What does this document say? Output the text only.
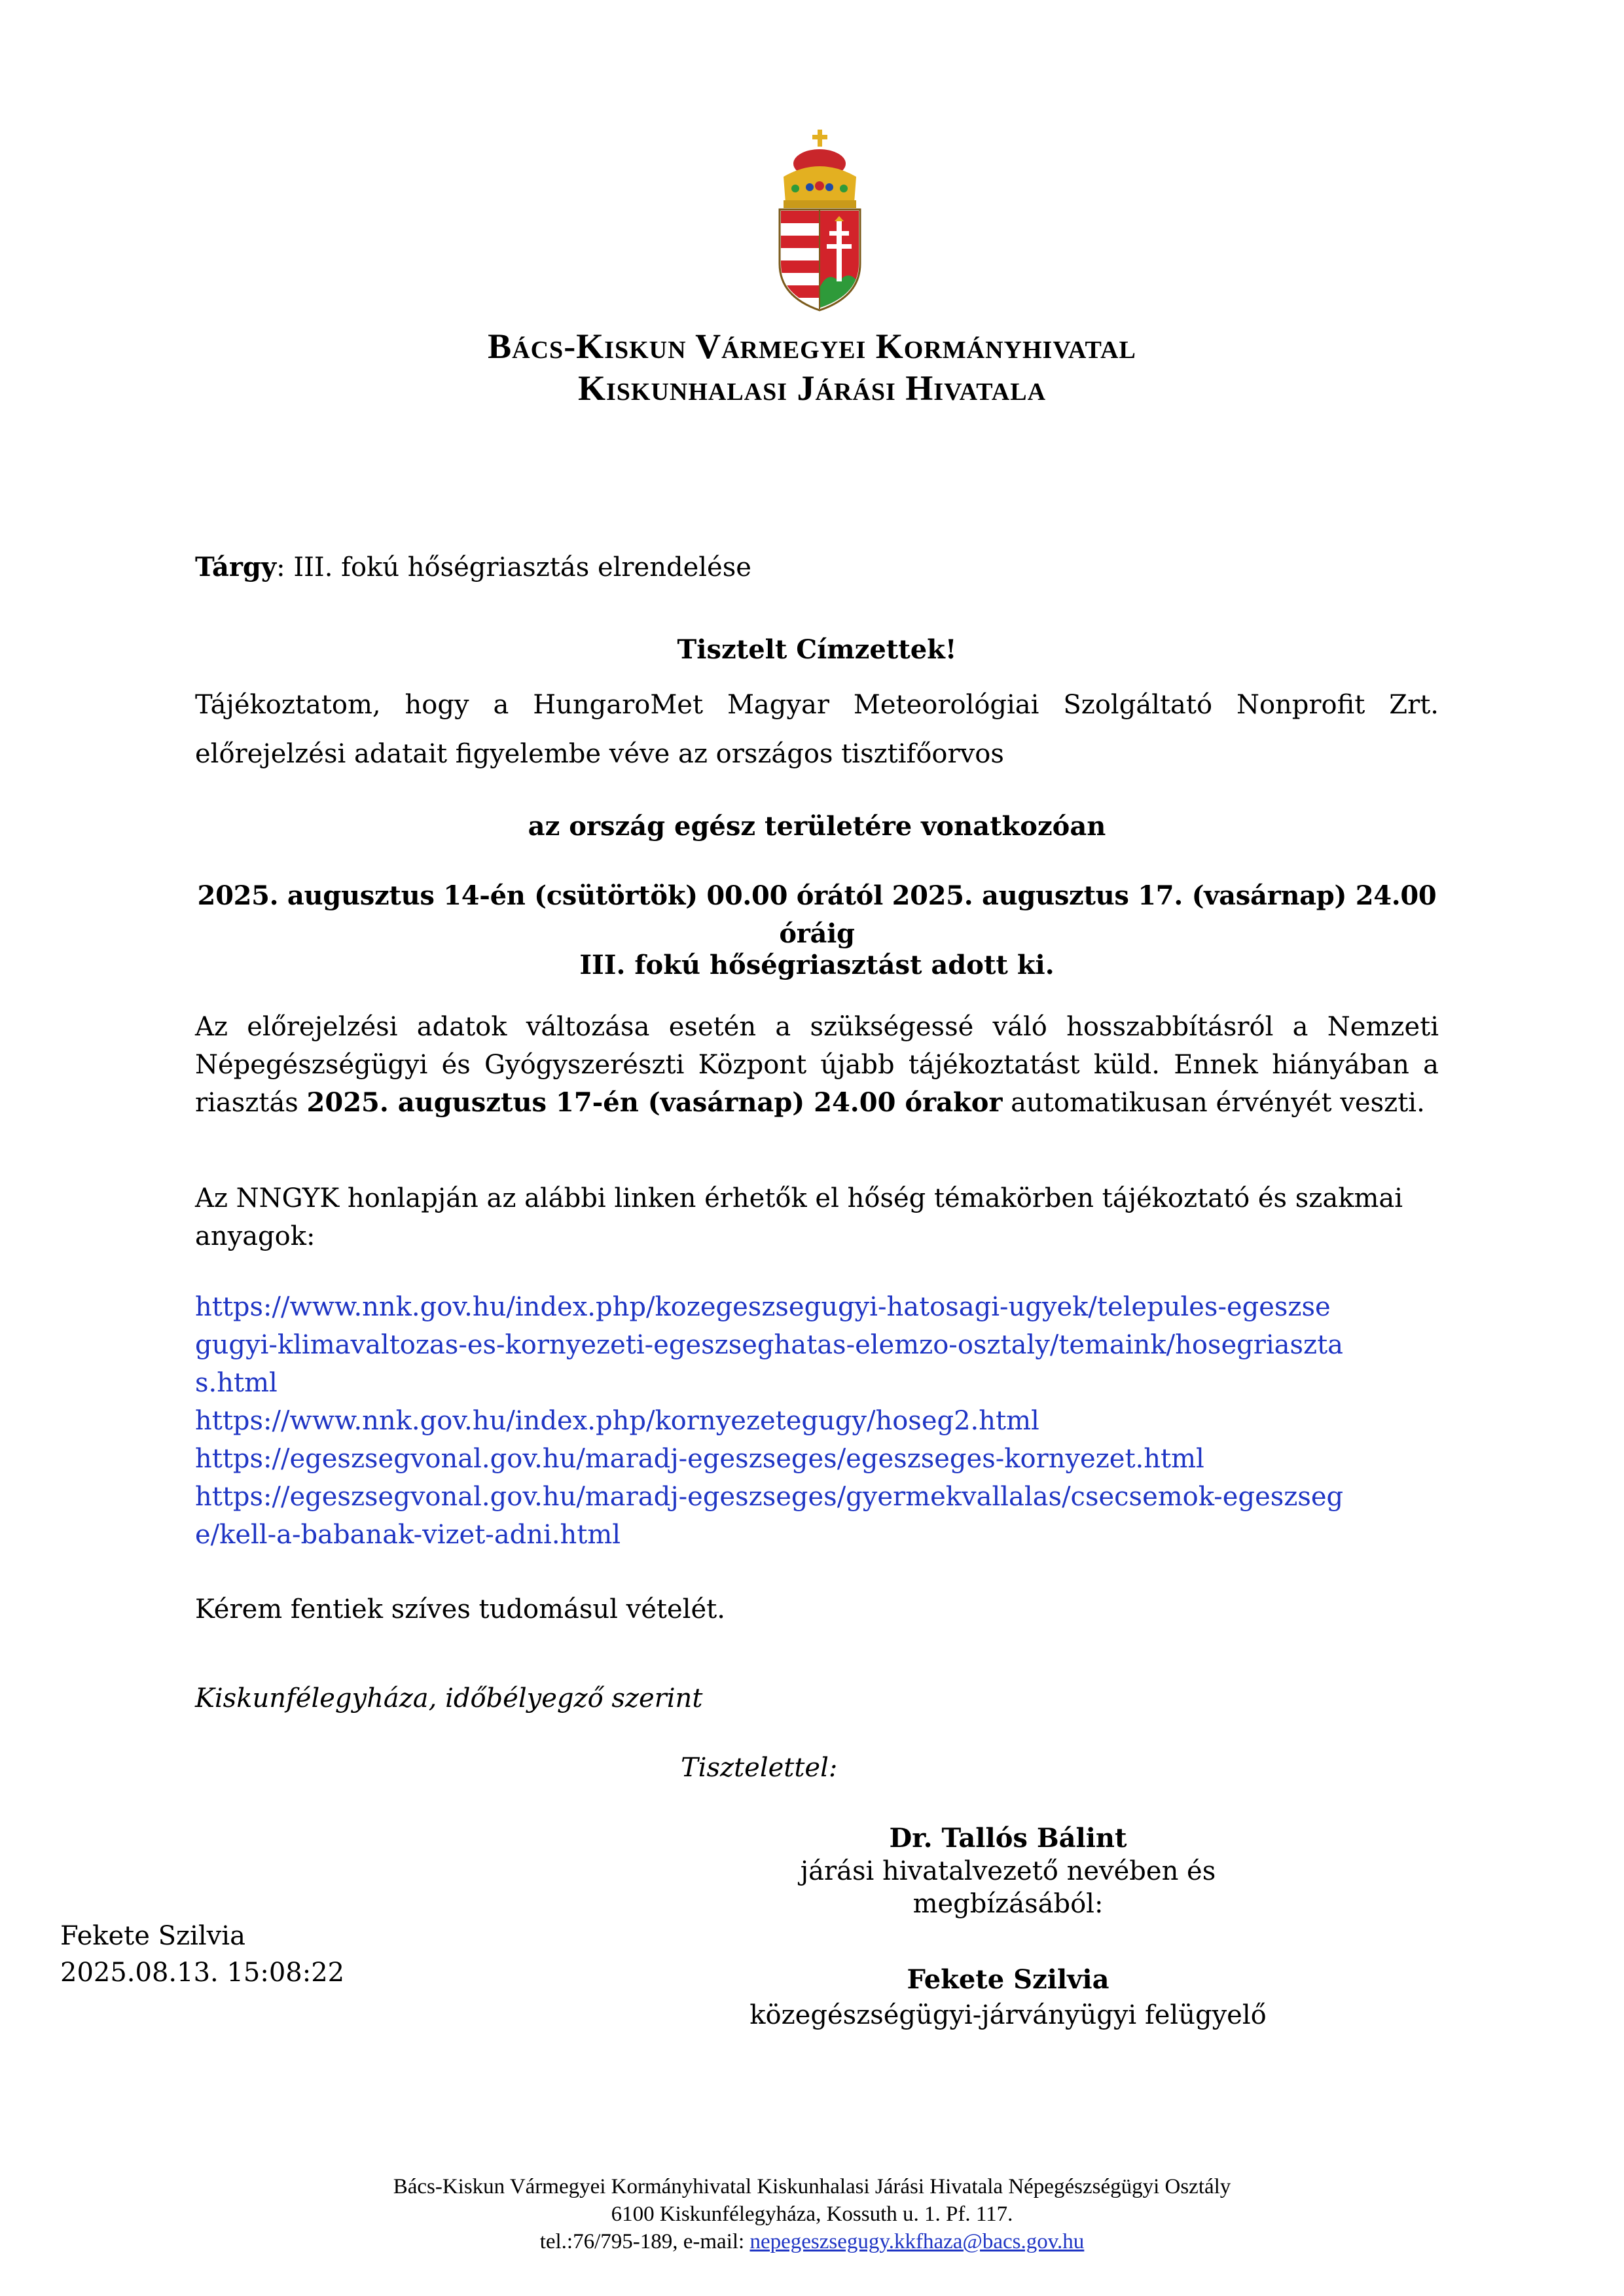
Bács-Kiskun Vármegyei Kormányhivatal
Kiskunhalasi Járási Hivatala
Tárgy: III. fokú hőségriasztás elrendelése
Tisztelt Címzettek!
Tájékoztatom, hogy a HungaroMet Magyar Meteorológiai Szolgáltató Nonprofit Zrt. előrejelzési adatait figyelembe véve az országos tisztifőorvos
az ország egész területére vonatkozóan
2025. augusztus 14-én (csütörtök) 00.00 órától 2025. augusztus 17. (vasárnap) 24.00 óráig
III. fokú hőségriasztást adott ki.
Az előrejelzési adatok változása esetén a szükségessé váló hosszabbításról a Nemzeti Népegészségügyi és Gyógyszerészti Központ újabb tájékoztatást küld. Ennek hiányában a riasztás 2025. augusztus 17-én (vasárnap) 24.00 órakor automatikusan érvényét veszti.
Az NNGYK honlapján az alábbi linken érhetők el hőség témakörben tájékoztató és szakmai anyagok:
https://www.nnk.gov.hu/index.php/kozegeszsegugyi-hatosagi-ugyek/telepules-egeszsegugyi-klimavaltozas-es-kornyezeti-egeszseghatas-elemzo-osztaly/temaink/hosegriasztas.html
https://www.nnk.gov.hu/index.php/kornyezetegugy/hoseg2.html
https://egeszsegvonal.gov.hu/maradj-egeszseges/egeszseges-kornyezet.html
https://egeszsegvonal.gov.hu/maradj-egeszseges/gyermekvallalas/csecsemok-egeszsege/kell-a-babanak-vizet-adni.html
Kérem fentiek szíves tudomásul vételét.
Kiskunfélegyháza, időbélyegző szerint
Tisztelettel:
Dr. Tallós Bálint
járási hivatalvezető nevében és megbízásából:
Fekete Szilvia
2025.08.13. 15:08:22	Fekete Szilvia
közegészségügyi-járványügyi felügyelő
Bács-Kiskun Vármegyei Kormányhivatal Kiskunhalasi Járási Hivatala Népegészségügyi Osztály
6100 Kiskunfélegyháza, Kossuth u. 1. Pf. 117.
tel.:76/795-189, e-mail: nepegeszsegugy.kkfhaza@bacs.gov.hu
